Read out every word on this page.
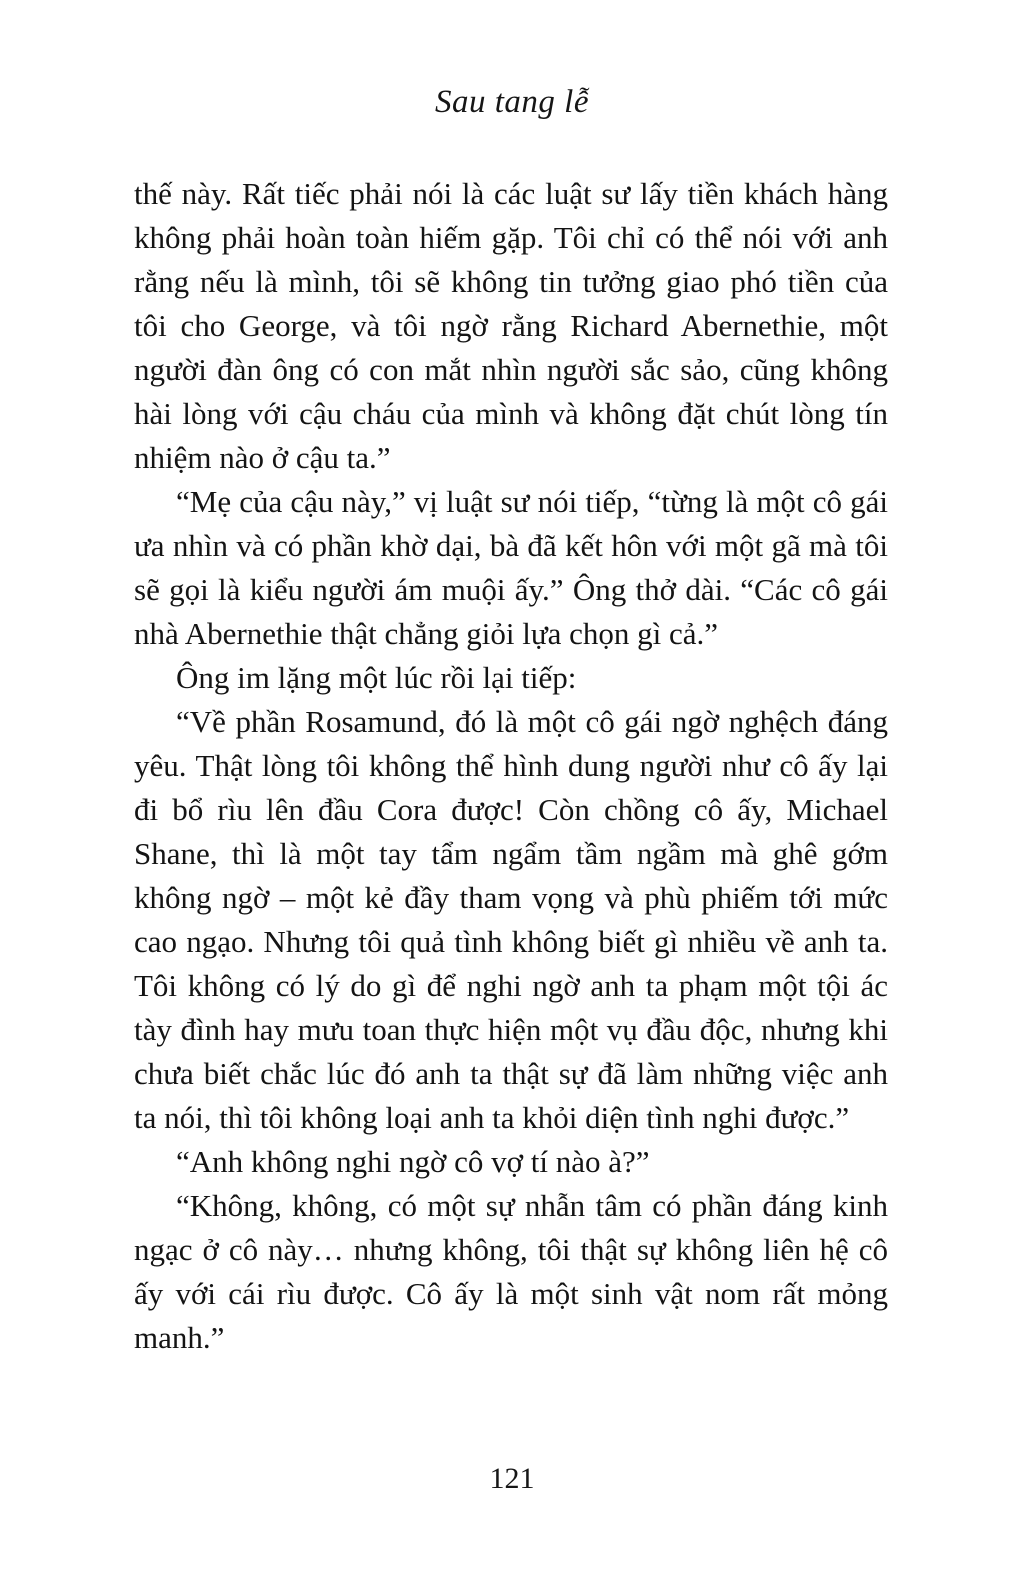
Sau tang lễ

thế này. Rất tiếc phải nói là các luật sư lấy tiền khách hàng không phải hoàn toàn hiếm gặp. Tôi chỉ có thể nói với anh rằng nếu là mình, tôi sẽ không tin tưởng giao phó tiền của tôi cho George, và tôi ngờ rằng Richard Abernethie, một người đàn ông có con mắt nhìn người sắc sảo, cũng không hài lòng với cậu cháu của mình và không đặt chút lòng tín nhiệm nào ở cậu ta.”

“Mẹ của cậu này,” vị luật sư nói tiếp, “từng là một cô gái ưa nhìn và có phần khờ dại, bà đã kết hôn với một gã mà tôi sẽ gọi là kiểu người ám muội ấy.” Ông thở dài. “Các cô gái nhà Abernethie thật chẳng giỏi lựa chọn gì cả.”

Ông im lặng một lúc rồi lại tiếp:

“Về phần Rosamund, đó là một cô gái ngờ nghệch đáng yêu. Thật lòng tôi không thể hình dung người như cô ấy lại đi bổ rìu lên đầu Cora được! Còn chồng cô ấy, Michael Shane, thì là một tay tẩm ngẩm tầm ngầm mà ghê gớm không ngờ – một kẻ đầy tham vọng và phù phiếm tới mức cao ngạo. Nhưng tôi quả tình không biết gì nhiều về anh ta. Tôi không có lý do gì để nghi ngờ anh ta phạm một tội ác tày đình hay mưu toan thực hiện một vụ đầu độc, nhưng khi chưa biết chắc lúc đó anh ta thật sự đã làm những việc anh ta nói, thì tôi không loại anh ta khỏi diện tình nghi được.”

“Anh không nghi ngờ cô vợ tí nào à?”

“Không, không, có một sự nhẫn tâm có phần đáng kinh ngạc ở cô này… nhưng không, tôi thật sự không liên hệ cô ấy với cái rìu được. Cô ấy là một sinh vật nom rất mỏng manh.”

121
